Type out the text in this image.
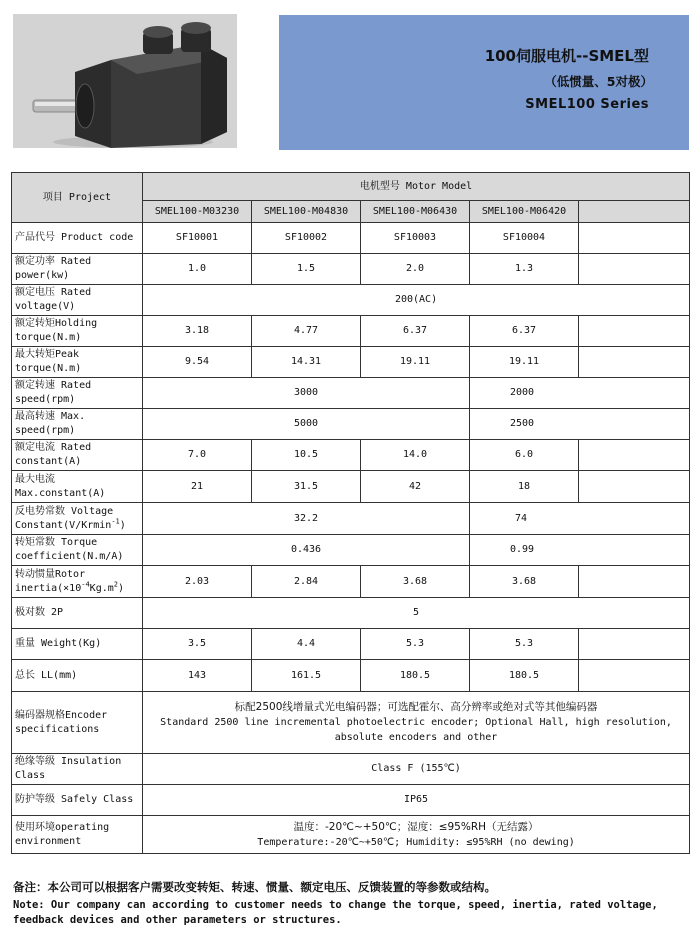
100伺服电机--SMEL型
（低惯量、5对极）
SMEL100 Series
项目 Project	电机型号 Motor Model				
	SMEL100-M03230	SMEL100-M04830	SMEL100-M06430	SMEL100-M06420	
产品代号 Product code	SF10001	SF10002	SF10003	SF10004	
额定功率 Rated power(kw)	1.0	1.5	2.0	1.3	
额定电压 Rated voltage(V)	200(AC)				
额定转矩Holding torque(N.m)	3.18	4.77	6.37	6.37	
最大转矩Peak torque(N.m)	9.54	14.31	19.11	19.11	
额定转速 Rated speed(rpm)	3000			2000	
最高转速 Max. speed(rpm)	5000			2500	
额定电流 Rated constant(A)	7.0	10.5	14.0	6.0	
最大电流 Max.constant(A)	21	31.5	42	18	
反电势常数 Voltage Constant(V/Krmin$^{-1}$)	32.2			74	
转矩常数 Torque coefficient(N.m/A)	0.436			0.99	
转动惯量Rotor $inertia(\times 10^{-4}Kg.m^2)$	2.03	2.84	3.68	3.68	
极对数 2P	5				
重量 Weight(Kg)	3.5	4.4	5.3	5.3	
总长 LL(mm)	143	161.5	180.5	180.5	
编码器规格Encoder specifications	标配2500线增量式光电编码器；可选配霍尔、高分辨率或绝对式等其他编码器
Standard 2500 line incremental photoelectric encoder; Optional Hall, high resolution, absolute encoders and other				

绝缘等级 Insulation Class	Class F (155℃)				
防护等级 Safely Class	IP65				
使用环境operating environment	温度：-20℃~+50℃；湿度：≤95%RH（无结露）
Temperature:-20℃~+50℃; Humidity: ≤95%RH (no dewing)				
备注：本公司可以根据客户需要改变转矩、转速、惯量、额定电压、反馈装置的等参数或结构。
Note: Our company can according to customer needs to change the torque, speed, inertia, rated voltage, feedback devices and other parameters or structures.
